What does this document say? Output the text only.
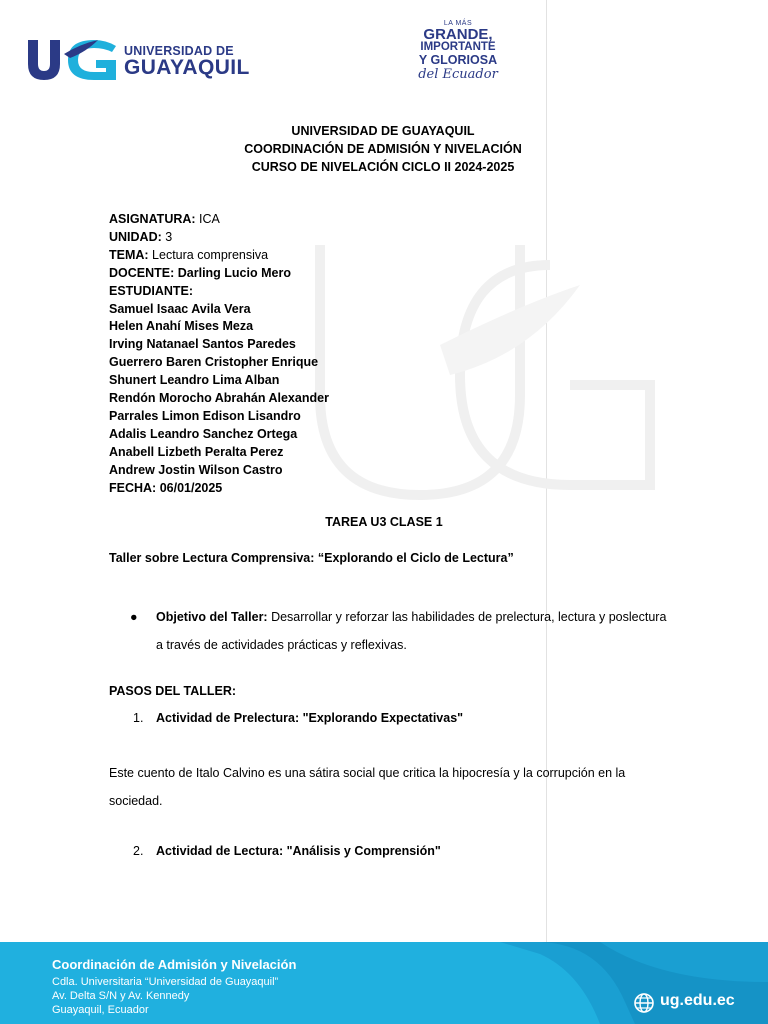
UNIVERSIDAD DE
GUAYAQUIL
LA MÁS
GRANDE,
IMPORTANTE
Y GLORIOSA
del Ecuador
UNIVERSIDAD DE GUAYAQUIL
COORDINACIÓN DE ADMISIÓN Y NIVELACIÓN
CURSO DE NIVELACIÓN CICLO II 2024-2025
ASIGNATURA: ICA
UNIDAD: 3
TEMA: Lectura comprensiva
DOCENTE: Darling Lucio Mero
ESTUDIANTE:
Samuel Isaac Avila Vera
Helen Anahí Mises Meza
Irving Natanael Santos Paredes
Guerrero Baren Cristopher Enrique
Shunert Leandro Lima Alban
Rendón Morocho Abrahán Alexander
Parrales Limon Edison Lisandro
Adalis Leandro Sanchez Ortega
Anabell Lizbeth Peralta Perez
Andrew Jostin Wilson Castro
FECHA: 06/01/2025
TAREA U3 CLASE 1
Taller sobre Lectura Comprensiva: “Explorando el Ciclo de Lectura”
● Objetivo del Taller: Desarrollar y reforzar las habilidades de prelectura, lectura y poslectura a través de actividades prácticas y reflexivas.
PASOS DEL TALLER:
1. Actividad de Prelectura: "Explorando Expectativas"
Este cuento de Italo Calvino es una sátira social que critica la hipocresía y la corrupción en la sociedad.
2. Actividad de Lectura: "Análisis y Comprensión"
Coordinación de Admisión y Nivelación
Cdla. Universitaria “Universidad de Guayaquil”
Av. Delta S/N y Av. Kennedy
Guayaquil, Ecuador
ug.edu.ec
